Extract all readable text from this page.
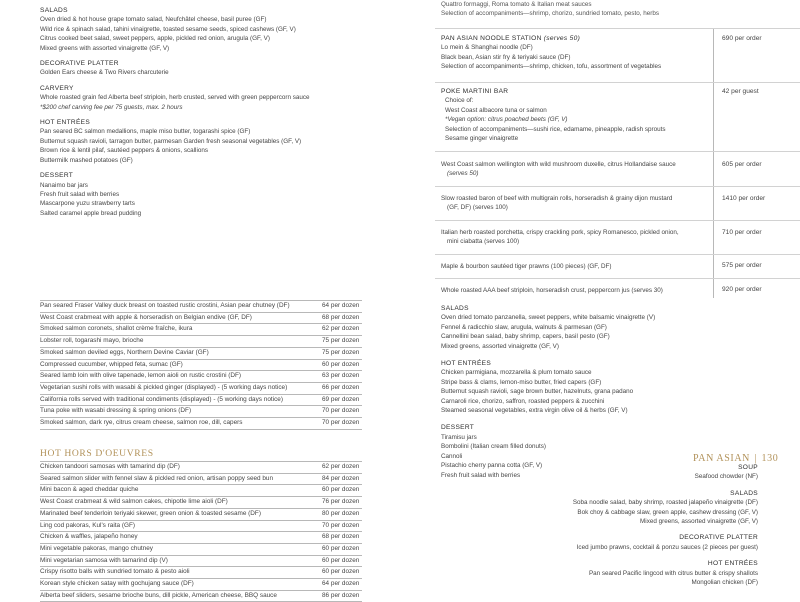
SALADS
Oven dried & hot house grape tomato salad, Neufchâtel cheese, basil puree (GF)
Wild rice & spinach salad, tahini vinaigrette, toasted sesame seeds, spiced cashews (GF, V)
Citrus cooked beet salad, sweet peppers, apple, pickled red onion, arugula (GF, V)
Mixed greens with assorted vinaigrette (GF, V)
DECORATIVE PLATTER
Golden Ears cheese & Two Rivers charcuterie
CARVERY
Whole roasted grain fed Alberta beef striploin, herb crusted, served with green peppercorn sauce
*$200 chef carving fee per 75 guests, max. 2 hours
HOT ENTRÉES
Pan seared BC salmon medallions, maple miso butter, togarashi spice (GF)
Butternut squash ravioli, tarragon butter, parmesan Garden fresh seasonal vegetables (GF, V)
Brown rice & lentil pilaf, sautéed peppers & onions, scallions
Buttermilk mashed potatoes (GF)
DESSERT
Nanaimo bar jars
Fresh fruit salad with berries
Mascarpone yuzu strawberry tarts
Salted caramel apple bread pudding
Pan seared Fraser Valley duck breast on toasted rustic crostini, Asian pear chutney (DF)	64 per dozen
West Coast crabmeat with apple & horseradish on Belgian endive (GF, DF)	68 per dozen
Smoked salmon coronets, shallot crème fraîche, ikura	62 per dozen
Lobster roll, togarashi mayo, brioche	75 per dozen
Smoked salmon deviled eggs, Northern Devine Caviar (GF)	75 per dozen
Compressed cucumber, whipped feta, sumac (GF)	60 per dozen
Seared lamb loin with olive tapenade, lemon aioli on rustic crostini (DF)	63 per dozen
Vegetarian sushi rolls with wasabi & pickled ginger (displayed) - (5 working days notice)	66 per dozen
California rolls served with traditional condiments (displayed) - (5 working days notice)	69 per dozen
Tuna poke with wasabi dressing & spring onions (DF)	70 per dozen
Smoked salmon, dark rye, citrus cream cheese, salmon roe, dill, capers	70 per dozen
HOT HORS D'OEUVRES
Chicken tandoori samosas with tamarind dip (DF)	62 per dozen
Seared salmon slider with fennel slaw & pickled red onion, artisan poppy seed bun	84 per dozen
Mini bacon & aged cheddar quiche	60 per dozen
West Coast crabmeat & wild salmon cakes, chipotle lime aioli (DF)	76 per dozen
Marinated beef tenderloin teriyaki skewer, green onion & toasted sesame (DF)	80 per dozen
Ling cod pakoras, Kul's raita (GF)	70 per dozen
Chicken & waffles, jalapeño honey	68 per dozen
Mini vegetable pakoras, mango chutney	60 per dozen
Mini vegetarian samosa with tamarind dip (V)	60 per dozen
Crispy risotto balls with sundried tomato & pesto aioli	60 per dozen
Korean style chicken satay with gochujang sauce (DF)	64 per dozen
Alberta beef sliders, sesame brioche buns, dill pickle, American cheese, BBQ sauce	86 per dozen
Quattro formaggi, Roma tomato & Italian meat sauces
Selection of accompaniments—shrimp, chorizo, sundried tomato, pesto, herbs
PAN ASIAN NOODLE STATION (serves 50)
Lo mein & Shanghai noodle (DF)
Black bean, Asian stir fry & teriyaki sauce (DF)
Selection of accompaniments—shrimp, chicken, tofu, assortment of vegetables
690 per order
POKE MARTINI BAR
Choice of:
West Coast albacore tuna or salmon
*Vegan option: citrus poached beets (GF, V)
Selection of accompaniments—sushi rice, edamame, pineapple, radish sprouts
Sesame ginger vinaigrette
42 per guest
West Coast salmon wellington with wild mushroom duxelle, citrus Hollandaise sauce
(serves 50)
605 per order
Slow roasted baron of beef with multigrain rolls, horseradish & grainy dijon mustard
(GF, DF) (serves 100)
1410 per order
Italian herb roasted porchetta, crispy crackling pork, spicy Romanesco, pickled onion,
mini ciabatta (serves 100)
710 per order
Maple & bourbon sautéed tiger prawns (100 pieces) (GF, DF)	575 per order
Whole roasted AAA beef striploin, horseradish crust, peppercorn jus (serves 30)	920 per order
SALADS
Oven dried tomato panzanella, sweet peppers, white balsamic vinaigrette (V)
Fennel & radicchio slaw, arugula, walnuts & parmesan (GF)
Cannellini bean salad, baby shrimp, capers, basil pesto (GF)
Mixed greens, assorted vinaigrette (GF, V)
HOT ENTRÉES
Chicken parmigiana, mozzarella & plum tomato sauce
Stripe bass & clams, lemon-miso butter, fried capers (GF)
Butternut squash ravioli, sage brown butter, hazelnuts, grana padano
Carnaroli rice, chorizo, saffron, roasted peppers & zucchini
Steamed seasonal vegetables, extra virgin olive oil & herbs (GF, V)
DESSERT
Tiramisu jars
Bombolini (Italian cream filled donuts)
Cannoli
Pistachio cherry panna cotta (GF, V)
Fresh fruit salad with berries
PAN ASIAN | 130
SOUP
Seafood chowder (NF)
SALADS
Soba noodle salad, baby shrimp, roasted jalapeño vinaigrette (DF)
Bok choy & cabbage slaw, green apple, cashew dressing (GF, V)
Mixed greens, assorted vinaigrette (GF, V)
DECORATIVE PLATTER
Iced jumbo prawns, cocktail & ponzu sauces (2 pieces per guest)
HOT ENTRÉES
Pan seared Pacific lingcod with citrus butter & crispy shallots
Mongolian chicken (DF)
